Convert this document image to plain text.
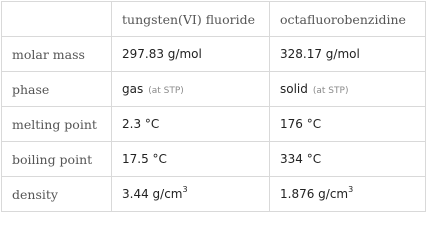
	tungsten(VI) fluoride	octafluorobenzidine
molar mass	297.83 g/mol	328.17 g/mol
phase	gas (at STP)	solid (at STP)
melting point	2.3 °C	176 °C
boiling point	17.5 °C	334 °C
density	3.44 $g/cm^3$	1.876 $g/cm^3$
